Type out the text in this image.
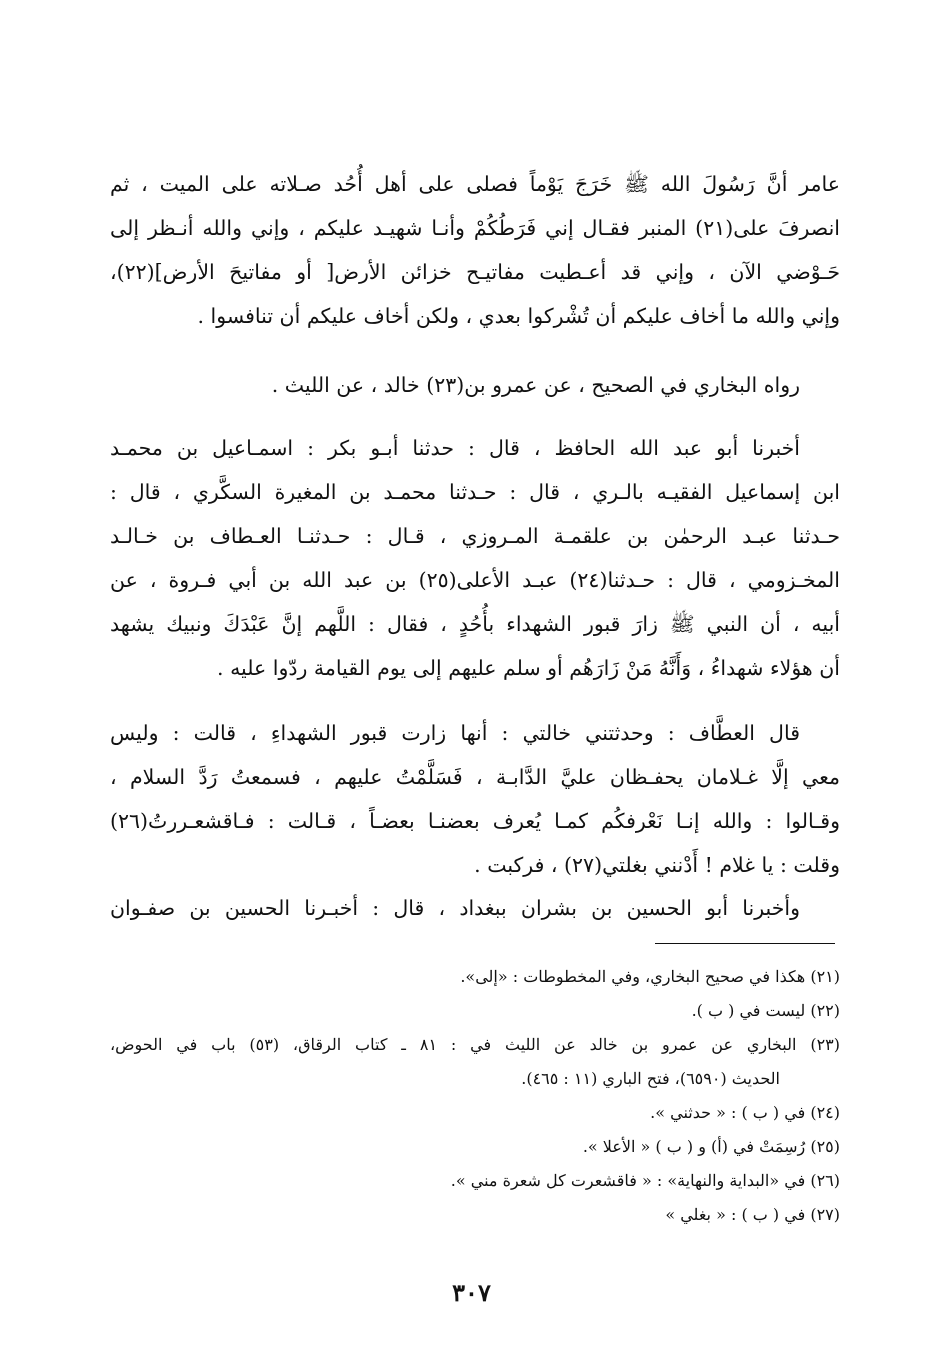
عامر أنَّ رَسُولَ الله ﷺ خَرَجَ يَوْماً فصلى على أهل أُحُد صـلاته على الميت ، ثم
انصرفَ على(٢١) المنبر فقـال إني فَرَطُكُمْ وأنـا شهيـد عليكم ، وإني والله أنـظر إلى
حَـوْضي الآن ، وإني قد أعـطيت مفاتيـح خزائن الأرض[ أو مفاتيحَ الأرض](٢٢)،
وإني والله ما أخاف عليكم أن تُشْركوا بعدي ، ولكن أخاف عليكم أن تنافسوا .
رواه البخاري في الصحيح ، عن عمرو بن(٢٣) خالد ، عن الليث .
أخبرنا أبو عبد الله الحافظ ، قال : حدثنا أبـو بكر : اسمـاعيل بن محمـد
ابن إسماعيل الفقيـه بالـري ، قال : حـدثنا محمـد بن المغيرة السكَّري ، قال :
حـدثنا عبـد الرحمٰن بن علقمـة المـروزي ، قـال : حـدثنـا العـطاف بن خـالـد
المخـزومي ، قال : حـدثنا(٢٤) عبـد الأعلى(٢٥) بن عبد الله بن أبي فـروة ، عن
أبيه ، أن النبي ﷺ زارَ قبور الشهداء بأُحُدٍ ، فقال : اللَّهم إنَّ عَبْدَكَ ونبيك يشهد
أن هؤلاء شهداءُ ، وَأَنَّهُ مَنْ زَارَهُم أو سلم عليهم إلى يوم القيامة ردّوا عليه .
قال العطَّاف : وحدثتني خالتي : أنها زارت قبور الشهداءِ ، قالت : وليس
معي إلَّا غـلامان يحفـظان عليَّ الدَّابـة ، فَسَلَّمْتُ عليهم ، فسمعتُ رَدَّ السلام ،
وقـالوا : والله إنـا نَعْرفكُم كمـا يُعرف بعضنـا بعضـاً ، قـالت : فـاقشعـررتُ(٢٦)
وقلت : يا غلام ! أَدْنني بغلتي(٢٧) ، فركبت .
وأخبرنا أبو الحسين بن بشران ببغداد ، قال : أخبـرنا الحسين بن صفـوان
(٢١) هكذا في صحيح البخاري، وفي المخطوطات : «إلى».
(٢٢) ليست في ( ب ).
(٢٣) البخاري عن عمرو بن خالد عن الليث في : ٨١ ـ كتاب الرقاق، (٥٣) باب في الحوض،
الحديث (٦٥٩٠)، فتح الباري (١١ : ٤٦٥).
(٢٤) في ( ب ) : « حدثني ».
(٢٥) رُسِمَتْ في (أ) و ( ب ) « الأعلا ».
(٢٦) في «البداية والنهاية» : « فاقشعرت كل شعرة مني ».
(٢٧) في ( ب ) : « بغلي »
٣٠٧
